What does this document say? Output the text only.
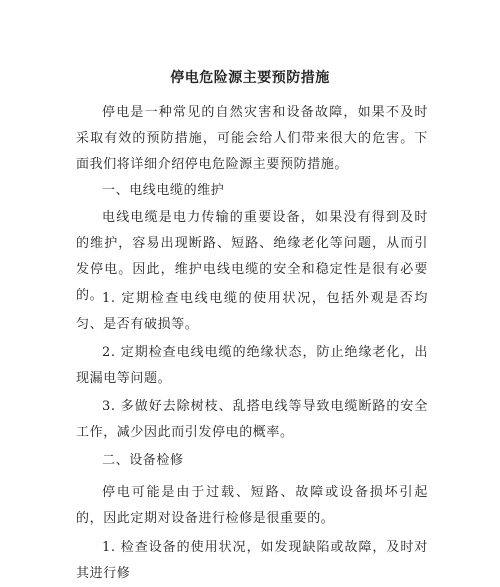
停电危险源主要预防措施

停电是一种常见的自然灾害和设备故障，如果不及时采取有效的预防措施，可能会给人们带来很大的危害。下面我们将详细介绍停电危险源主要预防措施。

一、电线电缆的维护

电线电缆是电力传输的重要设备，如果没有得到及时的维护，容易出现断路、短路、绝缘老化等问题，从而引发停电。因此，维护电线电缆的安全和稳定性是很有必要的。

1. 定期检查电线电缆的使用状况，包括外观是否均匀、是否有破损等。

2. 定期检查电线电缆的绝缘状态，防止绝缘老化，出现漏电等问题。

3. 多做好去除树枝、乱搭电线等导致电缆断路的安全工作，减少因此而引发停电的概率。

二、设备检修

停电可能是由于过载、短路、故障或设备损坏引起的，因此定期对设备进行检修是很重要的。

1. 检查设备的使用状况，如发现缺陷或故障，及时对其进行修
